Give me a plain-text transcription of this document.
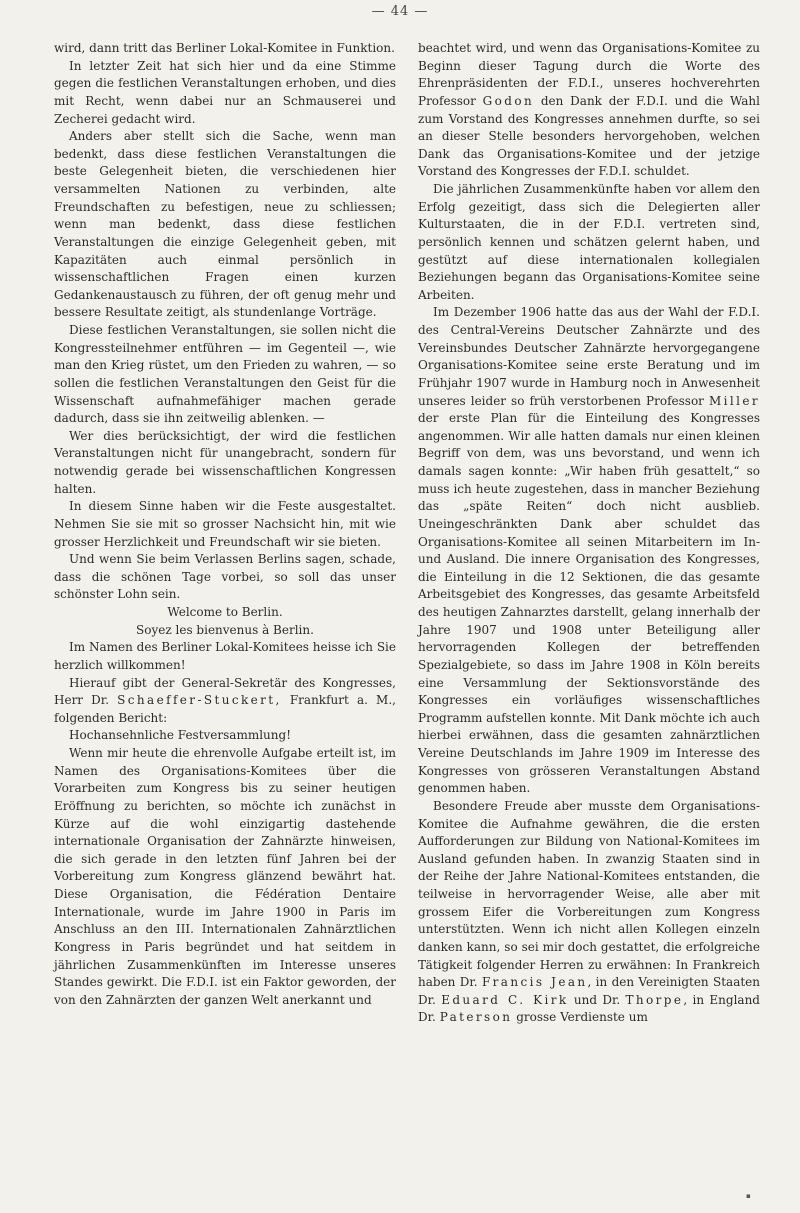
— 44 —

wird, dann tritt das Berliner Lokal-Komitee in Funktion.

In letzter Zeit hat sich hier und da eine Stimme gegen die festlichen Veranstaltungen erhoben, und dies mit Recht, wenn dabei nur an Schmauserei und Zecherei gedacht wird.

Anders aber stellt sich die Sache, wenn man bedenkt, dass diese festlichen Veranstaltungen die beste Gelegenheit bieten, die verschiedenen hier versammelten Nationen zu verbinden, alte Freundschaften zu befestigen, neue zu schliessen; wenn man bedenkt, dass diese festlichen Veranstaltungen die einzige Gelegenheit geben, mit Kapazitäten auch einmal persönlich in wissenschaftlichen Fragen einen kurzen Gedankenaustausch zu führen, der oft genug mehr und bessere Resultate zeitigt, als stundenlange Vorträge.

Diese festlichen Veranstaltungen, sie sollen nicht die Kongressteilnehmer entführen — im Gegenteil —, wie man den Krieg rüstet, um den Frieden zu wahren, — so sollen die festlichen Veranstaltungen den Geist für die Wissenschaft aufnahmefähiger machen gerade dadurch, dass sie ihn zeitweilig ablenken. —

Wer dies berücksichtigt, der wird die festlichen Veranstaltungen nicht für unangebracht, sondern für notwendig gerade bei wissenschaftlichen Kongressen halten.

In diesem Sinne haben wir die Feste ausgestaltet. Nehmen Sie sie mit so grosser Nachsicht hin, mit wie grosser Herzlichkeit und Freundschaft wir sie bieten.

Und wenn Sie beim Verlassen Berlins sagen, schade, dass die schönen Tage vorbei, so soll das unser schönster Lohn sein.

Welcome to Berlin.

Soyez les bienvenus à Berlin.

Im Namen des Berliner Lokal-Komitees heisse ich Sie herzlich willkommen!

Hierauf gibt der General-Sekretär des Kongresses, Herr Dr. Schaeffer-Stuckert, Frankfurt a. M., folgenden Bericht:

Hochansehnliche Festversammlung!

Wenn mir heute die ehrenvolle Aufgabe erteilt ist, im Namen des Organisations-Komitees über die Vorarbeiten zum Kongress bis zu seiner heutigen Eröffnung zu berichten, so möchte ich zunächst in Kürze auf die wohl einzigartig dastehende internationale Organisation der Zahnärzte hinweisen, die sich gerade in den letzten fünf Jahren bei der Vorbereitung zum Kongress glänzend bewährt hat. Diese Organisation, die Fédération Dentaire Internationale, wurde im Jahre 1900 in Paris im Anschluss an den III. Internationalen Zahnärztlichen Kongress in Paris begründet und hat seitdem in jährlichen Zusammenkünften im Interesse unseres Standes gewirkt. Die F.D.I. ist ein Faktor geworden, der von den Zahnärzten der ganzen Welt anerkannt und

beachtet wird, und wenn das Organisations-Komitee zu Beginn dieser Tagung durch die Worte des Ehrenpräsidenten der F.D.I., unseres hochverehrten Professor Godon den Dank der F.D.I. und die Wahl zum Vorstand des Kongresses annehmen durfte, so sei an dieser Stelle besonders hervorgehoben, welchen Dank das Organisations-Komitee und der jetzige Vorstand des Kongresses der F.D.I. schuldet.

Die jährlichen Zusammenkünfte haben vor allem den Erfolg gezeitigt, dass sich die Delegierten aller Kulturstaaten, die in der F.D.I. vertreten sind, persönlich kennen und schätzen gelernt haben, und gestützt auf diese internationalen kollegialen Beziehungen begann das Organisations-Komitee seine Arbeiten.

Im Dezember 1906 hatte das aus der Wahl der F.D.I. des Central-Vereins Deutscher Zahnärzte und des Vereinsbundes Deutscher Zahnärzte hervorgegangene Organisations-Komitee seine erste Beratung und im Frühjahr 1907 wurde in Hamburg noch in Anwesenheit unseres leider so früh verstorbenen Professor Miller der erste Plan für die Einteilung des Kongresses angenommen. Wir alle hatten damals nur einen kleinen Begriff von dem, was uns bevorstand, und wenn ich damals sagen konnte: „Wir haben früh gesattelt,“ so muss ich heute zugestehen, dass in mancher Beziehung das „späte Reiten“ doch nicht ausblieb. Uneingeschränkten Dank aber schuldet das Organisations-Komitee all seinen Mitarbeitern im In- und Ausland. Die innere Organisation des Kongresses, die Einteilung in die 12 Sektionen, die das gesamte Arbeitsgebiet des Kongresses, das gesamte Arbeitsfeld des heutigen Zahnarztes darstellt, gelang innerhalb der Jahre 1907 und 1908 unter Beteiligung aller hervorragenden Kollegen der betreffenden Spezialgebiete, so dass im Jahre 1908 in Köln bereits eine Versammlung der Sektionsvorstände des Kongresses ein vorläufiges wissenschaftliches Programm aufstellen konnte. Mit Dank möchte ich auch hierbei erwähnen, dass die gesamten zahnärztlichen Vereine Deutschlands im Jahre 1909 im Interesse des Kongresses von grösseren Veranstaltungen Abstand genommen haben.

Besondere Freude aber musste dem Organisations-Komitee die Aufnahme gewähren, die die ersten Aufforderungen zur Bildung von National-Komitees im Ausland gefunden haben. In zwanzig Staaten sind in der Reihe der Jahre National-Komitees entstanden, die teilweise in hervorragender Weise, alle aber mit grossem Eifer die Vorbereitungen zum Kongress unterstützten. Wenn ich nicht allen Kollegen einzeln danken kann, so sei mir doch gestattet, die erfolgreiche Tätigkeit folgender Herren zu erwähnen: In Frankreich haben Dr. Francis Jean, in den Vereinigten Staaten Dr. Eduard C. Kirk und Dr. Thorpe, in England Dr. Paterson grosse Verdienste um

▪
